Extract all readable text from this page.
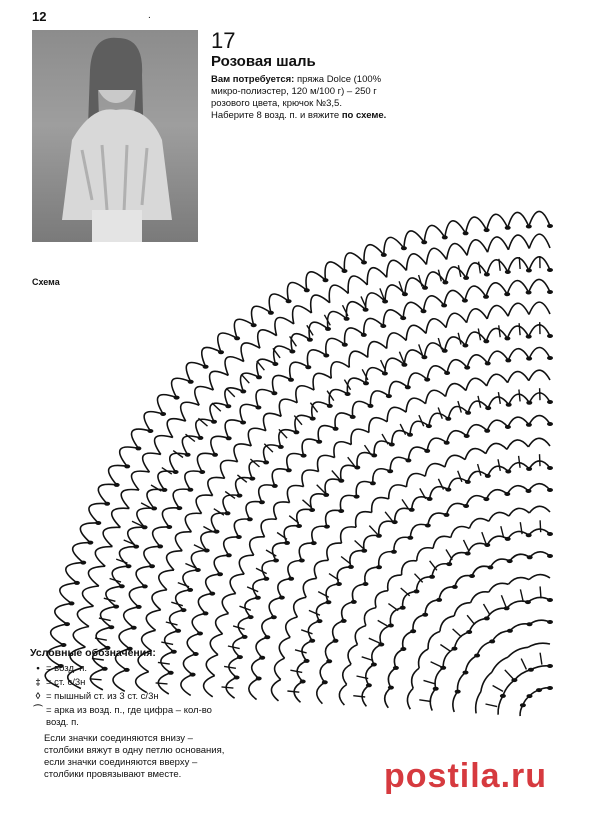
12	.
17
Розовая шаль
Вам потребуется: пряжа Dolce (100% микро-полиэстер, 120 м/100 г) – 250 г розового цвета, крючок №3,5.
Наберите 8 возд. п. и вяжите по схеме.
Схема
Условные обозначения:
• = возд. п.
‡ = ст. с/3н
◊ = пышный ст. из 3 ст. с/3н
⌒ = арка из возд. п., где цифра – кол-во возд. п.
Если значки соединяются внизу – столбики вяжут в одну петлю основания, если значки соединяются вверху – столбики провязывают вместе.	postila.ru
